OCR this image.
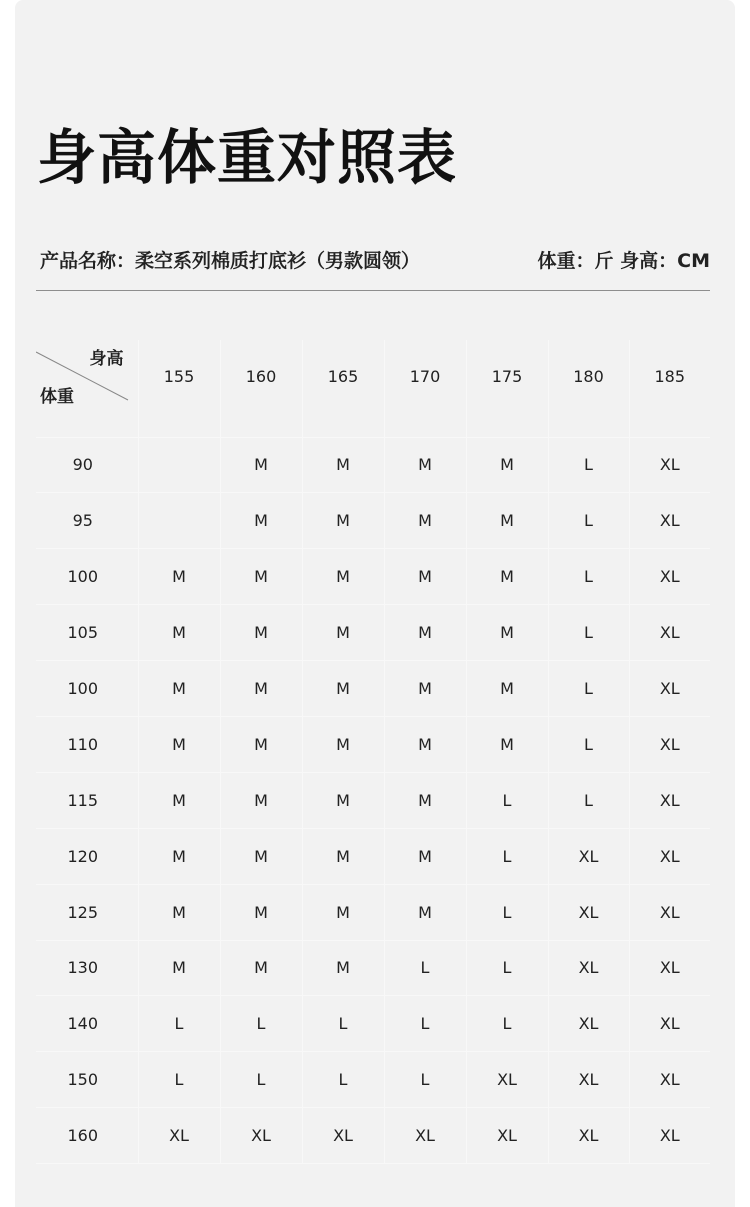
身高体重对照表
产品名称：柔空系列棉质打底衫（男款圆领）	体重：斤 身高：CM
身高
体重	155	160	165	170	175	180	185
90		M	M	M	M	L	XL
95		M	M	M	M	L	XL
100	M	M	M	M	M	L	XL
105	M	M	M	M	M	L	XL
100	M	M	M	M	M	L	XL
110	M	M	M	M	M	L	XL
115	M	M	M	M	L	L	XL
120	M	M	M	M	L	XL	XL
125	M	M	M	M	L	XL	XL
130	M	M	M	L	L	XL	XL
140	L	L	L	L	L	XL	XL
150	L	L	L	L	XL	XL	XL
160	XL	XL	XL	XL	XL	XL	XL
